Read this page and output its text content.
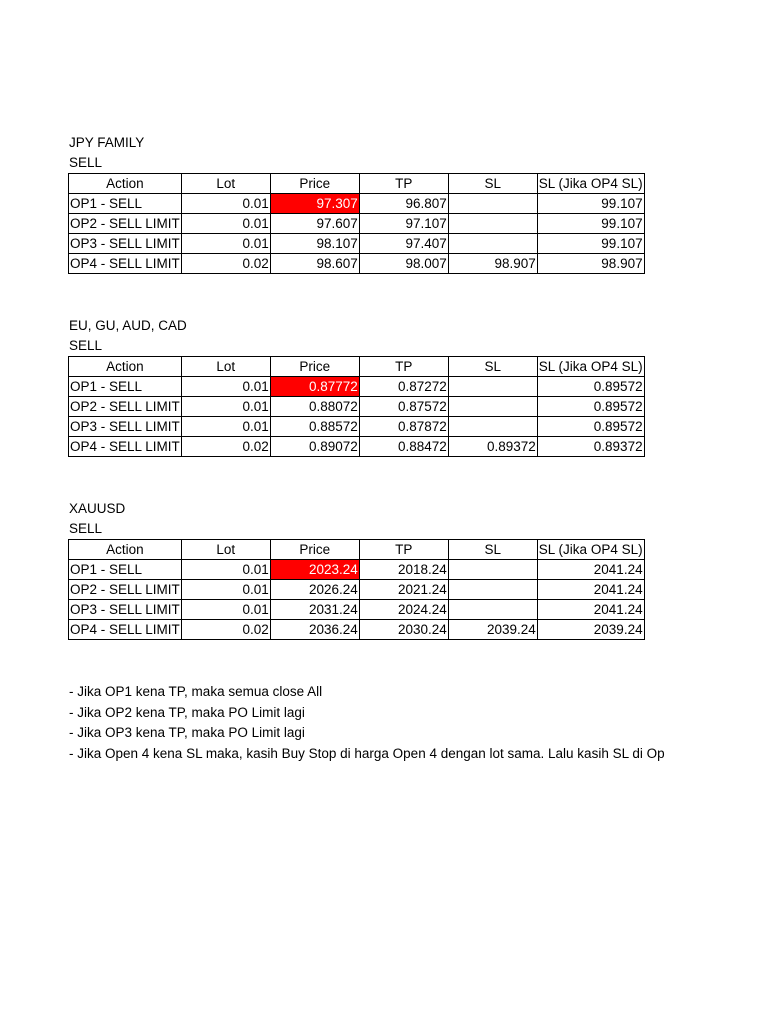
JPY FAMILY
SELL
Action	Lot	Price	TP	SL	SL (Jika OP4 SL)
OP1 - SELL	0.01	97.307	96.807		99.107
OP2 - SELL LIMIT	0.01	97.607	97.107		99.107
OP3 - SELL LIMIT	0.01	98.107	97.407		99.107
OP4 - SELL LIMIT	0.02	98.607	98.007	98.907	98.907
EU, GU, AUD, CAD
SELL
Action	Lot	Price	TP	SL	SL (Jika OP4 SL)
OP1 - SELL	0.01	0.87772	0.87272		0.89572
OP2 - SELL LIMIT	0.01	0.88072	0.87572		0.89572
OP3 - SELL LIMIT	0.01	0.88572	0.87872		0.89572
OP4 - SELL LIMIT	0.02	0.89072	0.88472	0.89372	0.89372
XAUUSD
SELL
Action	Lot	Price	TP	SL	SL (Jika OP4 SL)
OP1 - SELL	0.01	2023.24	2018.24		2041.24
OP2 - SELL LIMIT	0.01	2026.24	2021.24		2041.24
OP3 - SELL LIMIT	0.01	2031.24	2024.24		2041.24
OP4 - SELL LIMIT	0.02	2036.24	2030.24	2039.24	2039.24
- Jika OP1 kena TP, maka semua close All
- Jika OP2 kena TP, maka PO Limit lagi
- Jika OP3 kena TP, maka PO Limit lagi
- Jika Open 4 kena SL maka, kasih Buy Stop di harga Open 4 dengan lot sama. Lalu kasih SL di Op
